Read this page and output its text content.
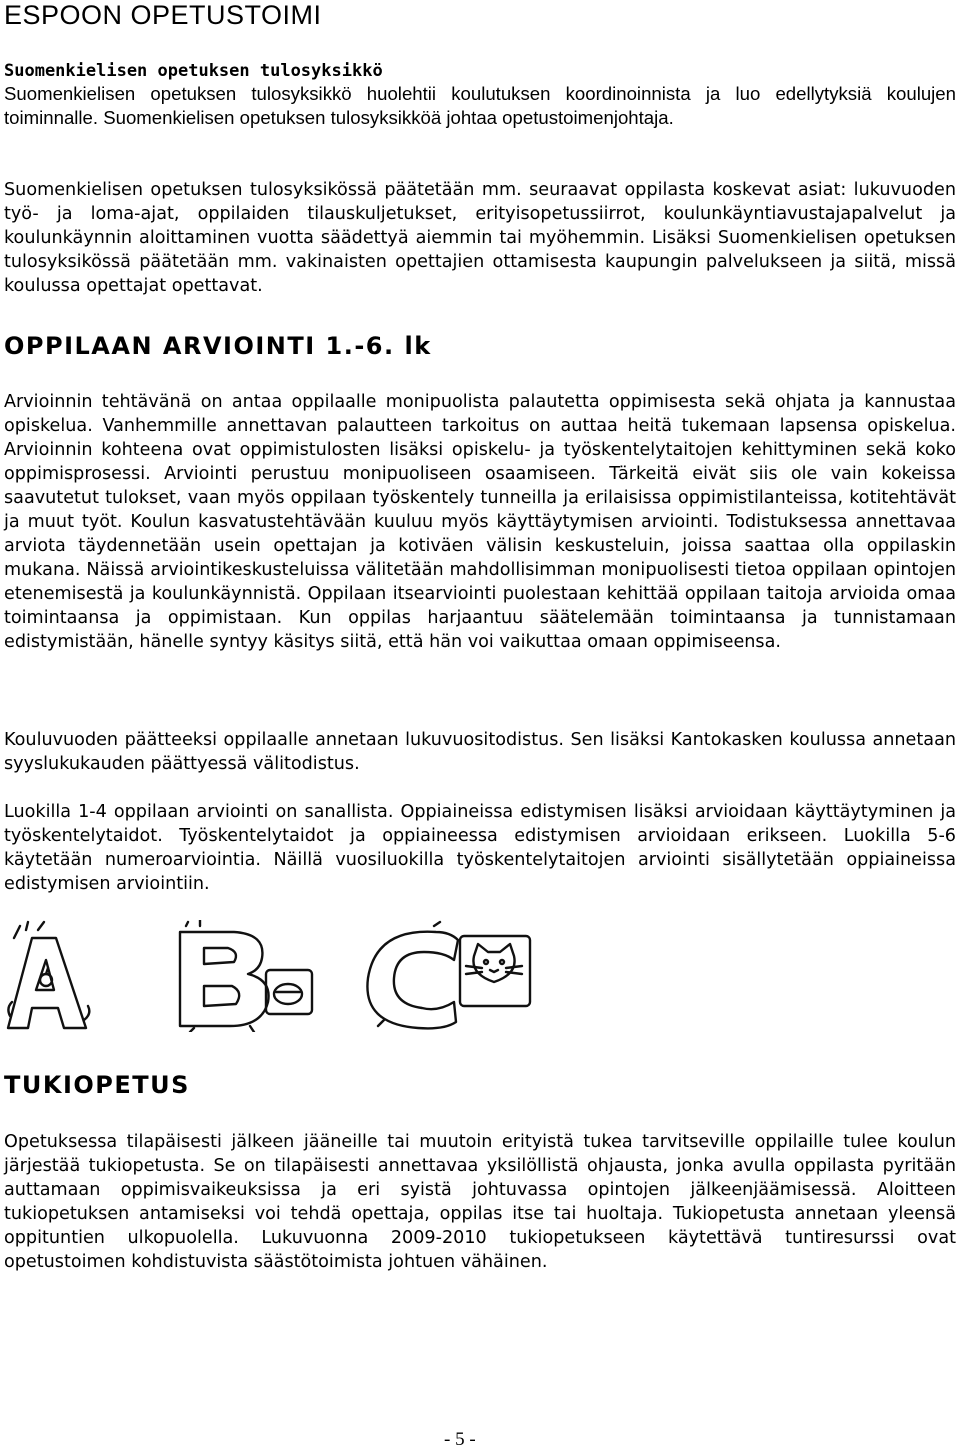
ESPOON OPETUSTOIMI
Suomenkielisen opetuksen tulosyksikkö

Suomenkielisen opetuksen tulosyksikkö huolehtii koulutuksen koordinoinnista ja luo edellytyksiä koulujen toiminnalle. Suomenkielisen opetuksen tulosyksikköä johtaa opetustoimenjohtaja.

Suomenkielisen opetuksen tulosyksikössä päätetään mm. seuraavat oppilasta koskevat asiat: lukuvuoden työ- ja loma-ajat, oppilaiden tilauskuljetukset, erityisopetussiirrot, koulunkäyntiavustajapalvelut ja koulunkäynnin aloittaminen vuotta säädettyä aiemmin tai myöhemmin. Lisäksi Suomenkielisen opetuksen tulosyksikössä päätetään mm. vakinaisten opettajien ottamisesta kaupungin palvelukseen ja siitä, missä koulussa opettajat opettavat.

OPPILAAN ARVIOINTI 1.-6. lk

Arvioinnin tehtävänä on antaa oppilaalle monipuolista palautetta oppimisesta sekä ohjata ja kannustaa opiskelua. Vanhemmille annettavan palautteen tarkoitus on auttaa heitä tukemaan lapsensa opiskelua. Arvioinnin kohteena ovat oppimistulosten lisäksi opiskelu- ja työskentelytaitojen kehittyminen sekä koko oppimisprosessi. Arviointi perustuu monipuoliseen osaamiseen. Tärkeitä eivät siis ole vain kokeissa saavutetut tulokset, vaan myös oppilaan työskentely tunneilla ja erilaisissa oppimistilanteissa, kotitehtävät ja muut työt. Koulun kasvatustehtävään kuuluu myös käyttäytymisen arviointi. Todistuksessa annettavaa arviota täydennetään usein opettajan ja kotiväen välisin keskusteluin, joissa saattaa olla oppilaskin mukana. Näissä arviointikeskusteluissa välitetään mahdollisimman monipuolisesti tietoa oppilaan opintojen etenemisestä ja koulunkäynnistä. Oppilaan itsearviointi puolestaan kehittää oppilaan taitoja arvioida omaa toimintaansa ja oppimistaan. Kun oppilas harjaantuu säätelemään toimintaansa ja tunnistamaan edistymistään, hänelle syntyy käsitys siitä, että hän voi vaikuttaa omaan oppimiseensa.

Kouluvuoden päätteeksi oppilaalle annetaan lukuvuositodistus. Sen lisäksi Kantokasken koulussa annetaan syyslukukauden päättyessä välitodistus.

Luokilla 1-4 oppilaan arviointi on sanallista. Oppiaineissa edistymisen lisäksi arvioidaan käyttäytyminen ja työskentelytaidot. Työskentelytaidot ja oppiaineessa edistymisen arvioidaan erikseen. Luokilla 5-6 käytetään numeroarviointia. Näillä vuosiluokilla työskentelytaitojen arviointi sisällytetään oppiaineissa edistymisen arviointiin.

TUKIOPETUS

Opetuksessa tilapäisesti jälkeen jääneille tai muutoin erityistä tukea tarvitseville oppilaille tulee koulun järjestää tukiopetusta. Se on tilapäisesti annettavaa yksilöllistä ohjausta, jonka avulla oppilasta pyritään auttamaan oppimisvaikeuksissa ja eri syistä johtuvassa opintojen jälkeenjäämisessä. Aloitteen tukiopetuksen antamiseksi voi tehdä opettaja, oppilas itse tai huoltaja. Tukiopetusta annetaan yleensä oppituntien ulkopuolella. Lukuvuonna 2009-2010 tukiopetukseen käytettävä tuntiresurssi ovat opetustoimen kohdistuvista säästötoimista johtuen vähäinen.

- 5 -
